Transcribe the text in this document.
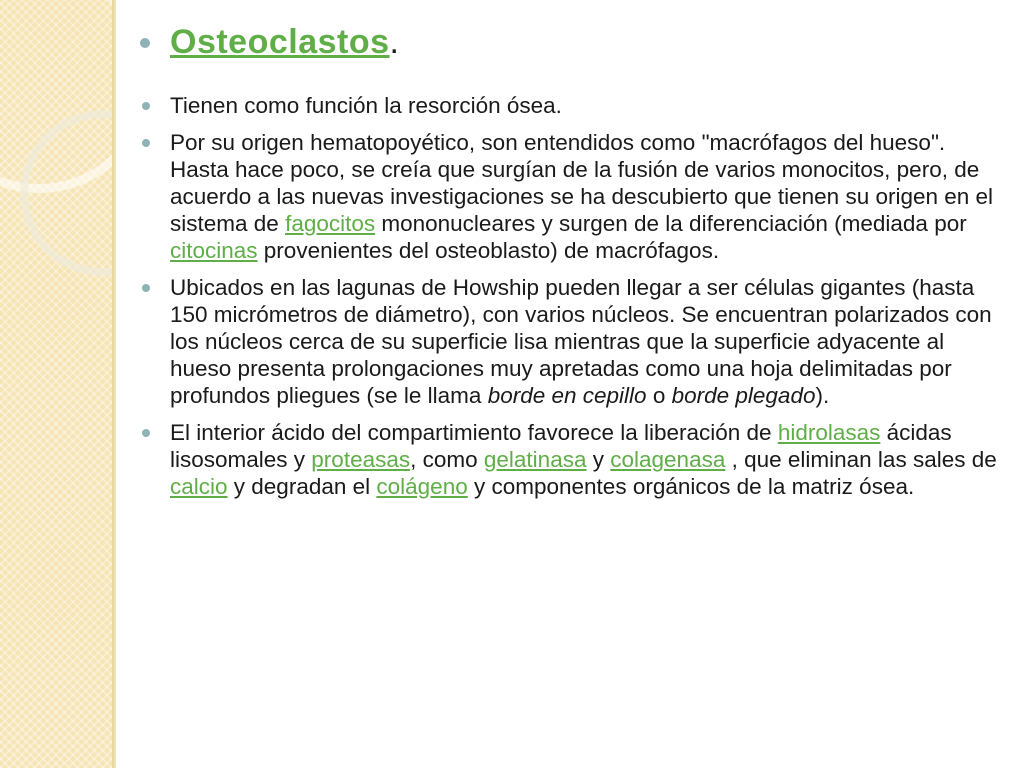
Osteoclastos.
Tienen como función la resorción ósea.
Por su origen hematopoyético, son entendidos como "macrófagos del hueso". Hasta hace poco, se creía que surgían de la fusión de varios monocitos, pero, de acuerdo a las nuevas investigaciones se ha descubierto que tienen su origen en el sistema de fagocitos mononucleares y surgen de la diferenciación (mediada por citocinas provenientes del osteoblasto) de macrófagos.
Ubicados en las lagunas de Howship pueden llegar a ser células gigantes (hasta 150 micrómetros de diámetro), con varios núcleos. Se encuentran polarizados con los núcleos cerca de su superficie lisa mientras que la superficie adyacente al hueso presenta prolongaciones muy apretadas como una hoja delimitadas por profundos pliegues (se le llama borde en cepillo o borde plegado).
El interior ácido del compartimiento favorece la liberación de hidrolasas ácidas lisosomales y proteasas, como gelatinasa y colagenasa , que eliminan las sales de calcio y degradan el colágeno y componentes orgánicos de la matriz ósea.
